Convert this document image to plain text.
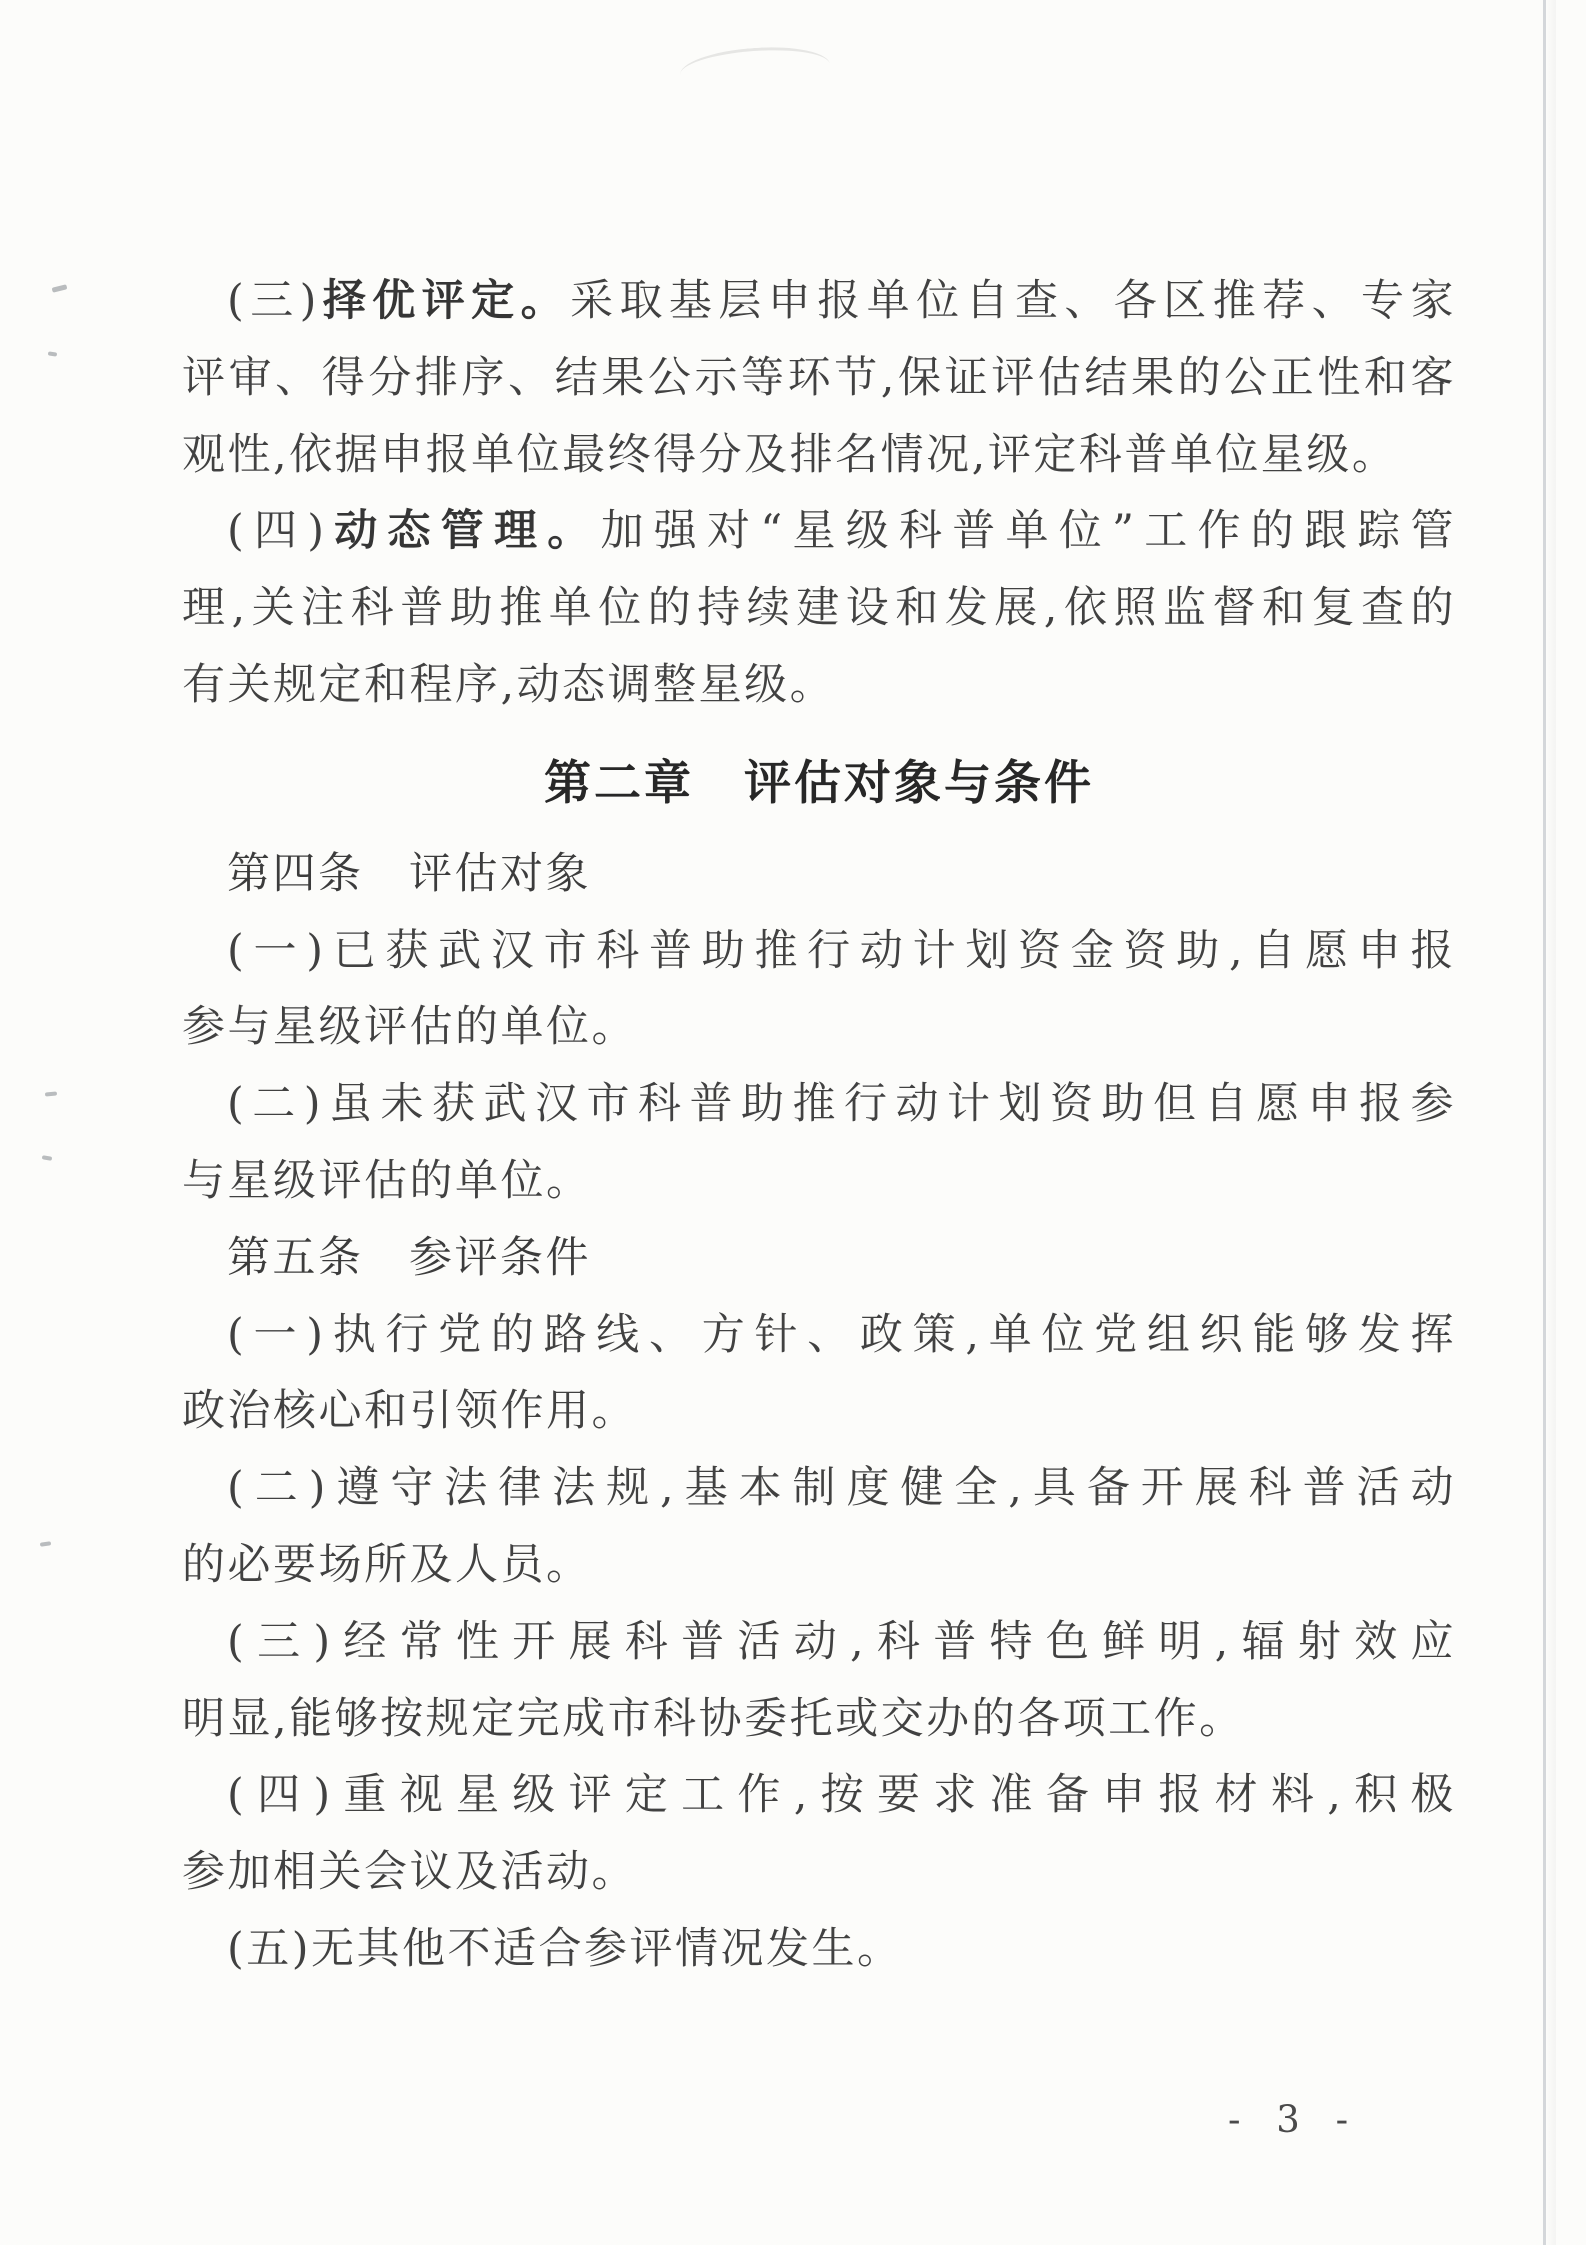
(三)择优评定。采取基层申报单位自查、各区推荐、专家
评审、得分排序、结果公示等环节,保证评估结果的公正性和客
观性,依据申报单位最终得分及排名情况,评定科普单位星级。
(四)动态管理。加强对“星级科普单位”工作的跟踪管
理,关注科普助推单位的持续建设和发展,依照监督和复查的
有关规定和程序,动态调整星级。
第二章　评估对象与条件
第四条　评估对象
(一)已获武汉市科普助推行动计划资金资助,自愿申报
参与星级评估的单位。
(二)虽未获武汉市科普助推行动计划资助但自愿申报参
与星级评估的单位。
第五条　参评条件
(一)执行党的路线、方针、政策,单位党组织能够发挥
政治核心和引领作用。
(二)遵守法律法规,基本制度健全,具备开展科普活动
的必要场所及人员。
(三)经常性开展科普活动,科普特色鲜明,辐射效应
明显,能够按规定完成市科协委托或交办的各项工作。
(四)重视星级评定工作,按要求准备申报材料,积极
参加相关会议及活动。
(五)无其他不适合参评情况发生。
- 3 -
